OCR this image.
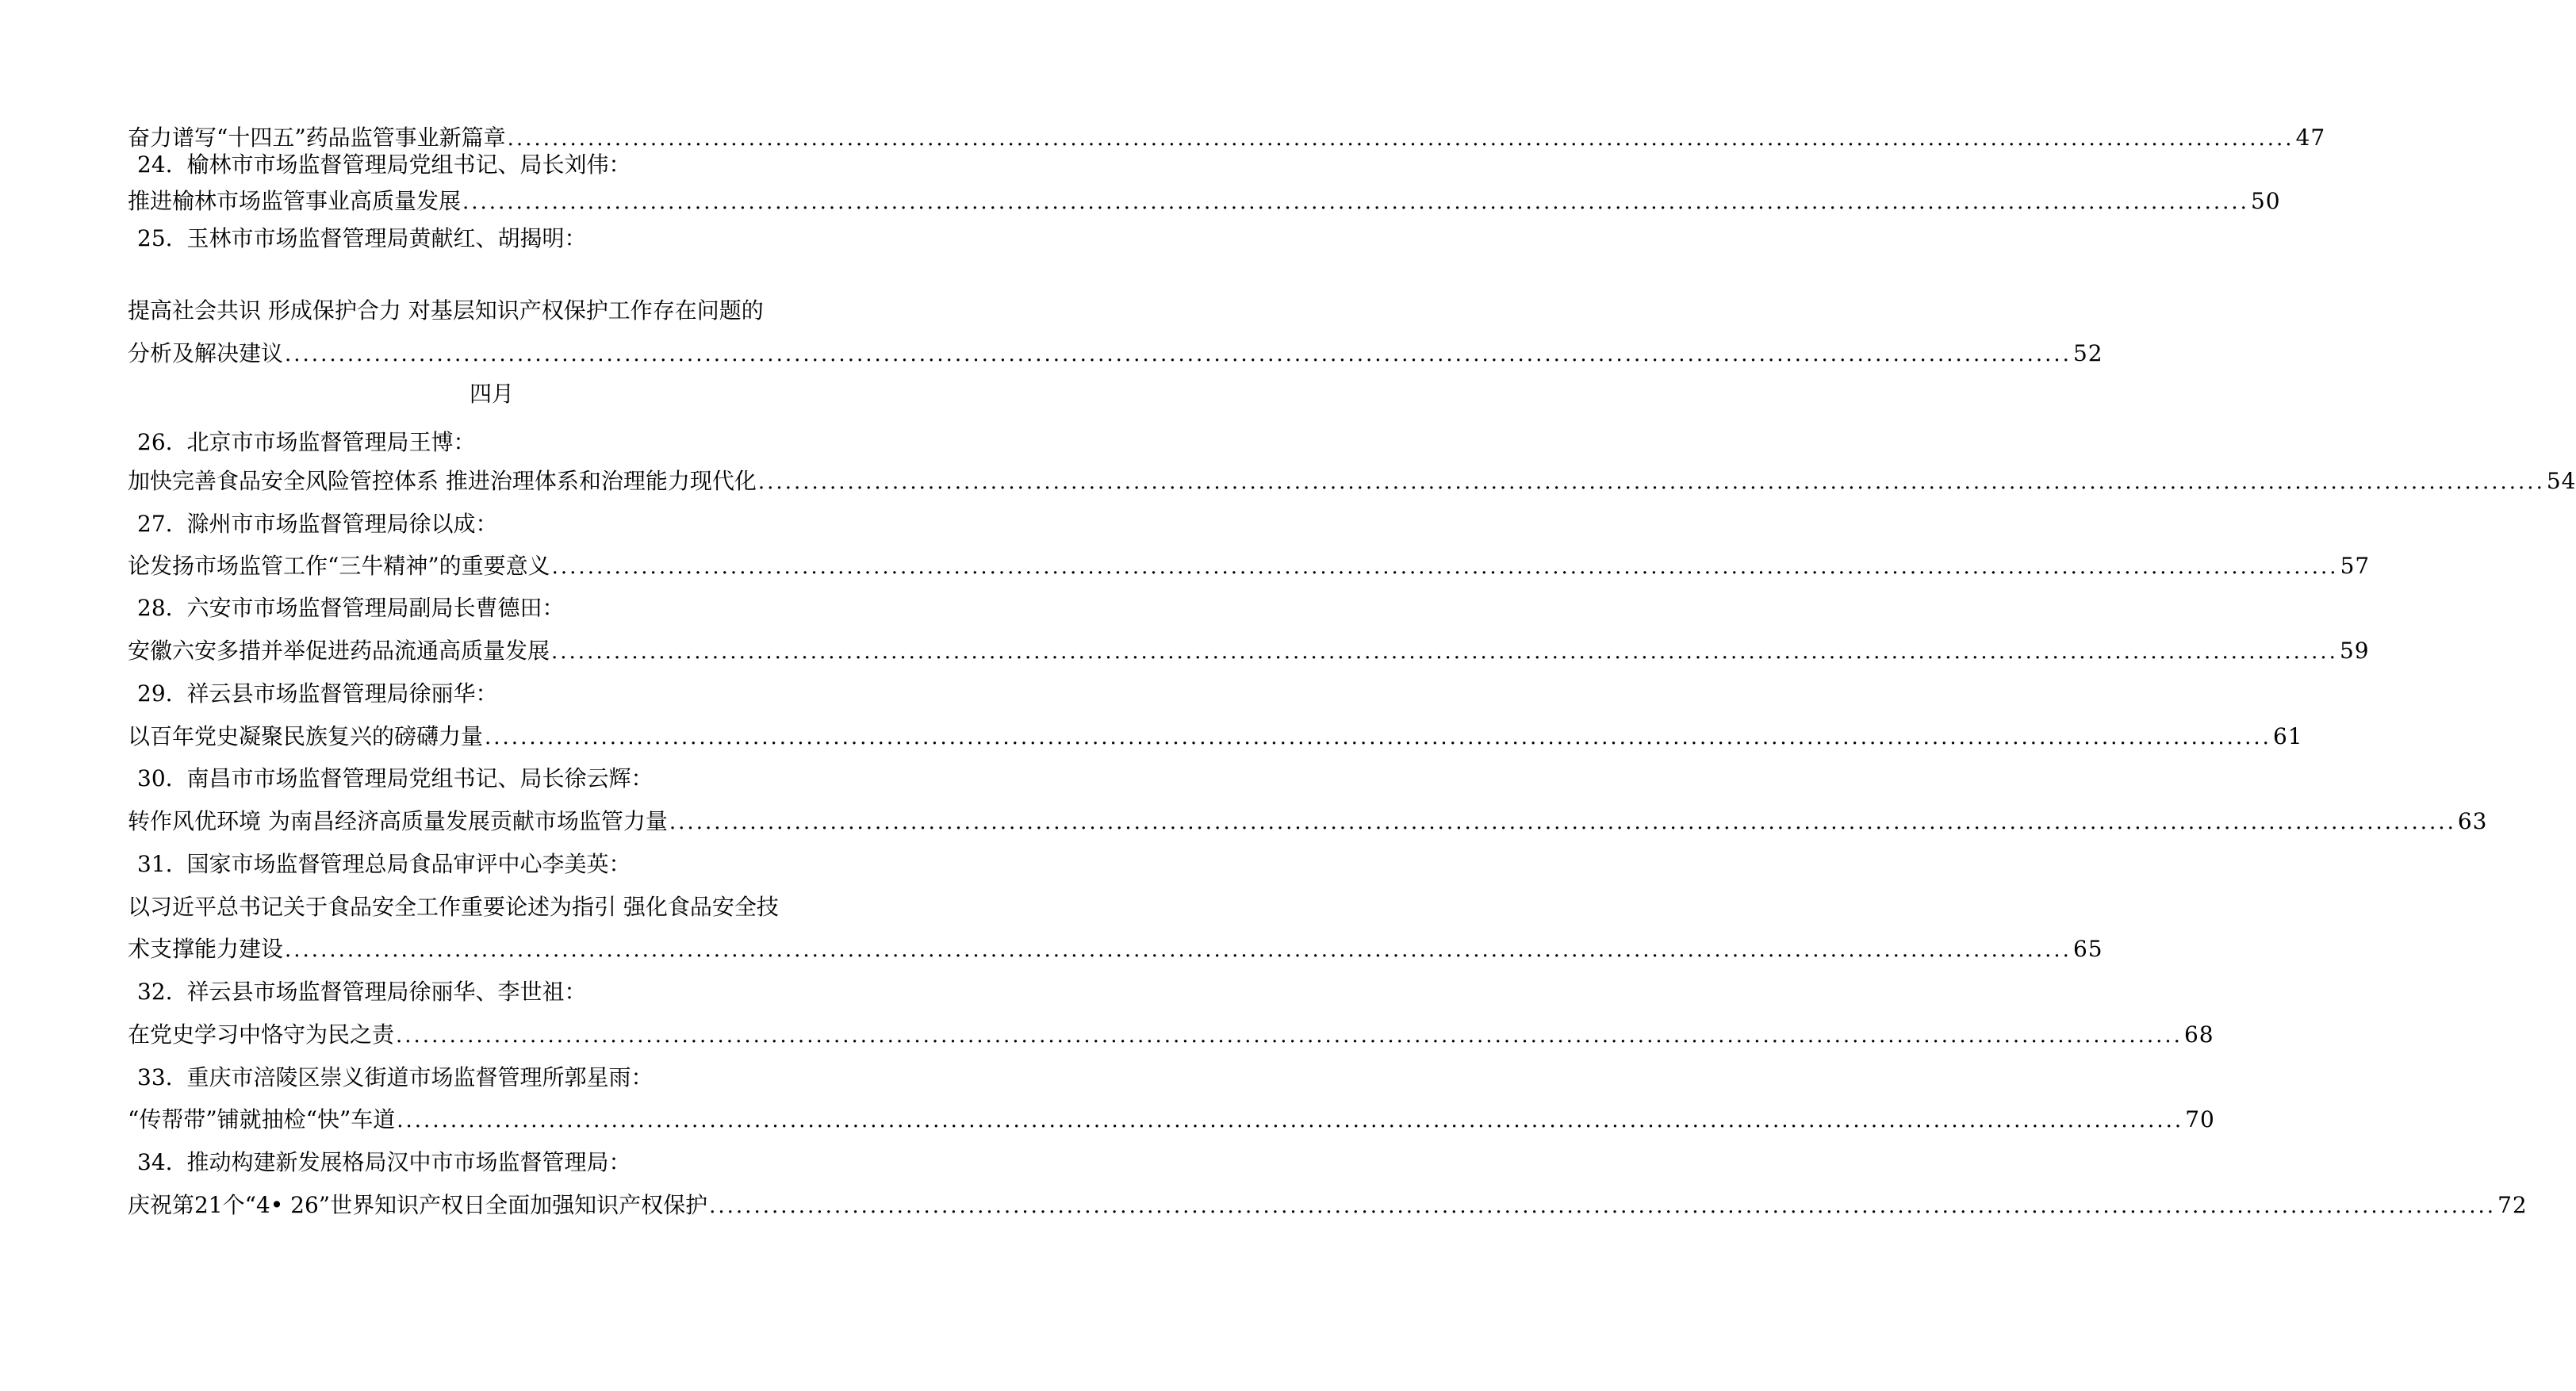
奋力谱写“十四五”药品监管事业新篇章 ........................................................................................................................................................................................................ 47
24. 榆林市市场监督管理局党组书记、局长刘伟：
推进榆林市场监管事业高质量发展 ........................................................................................................................................................................................................ 50
25. 玉林市市场监督管理局黄献红、胡揭明：
提高社会共识 形成保护合力 对基层知识产权保护工作存在问题的
分析及解决建议 ........................................................................................................................................................................................................ 52
四月
26. 北京市市场监督管理局王博：
加快完善食品安全风险管控体系 推进治理体系和治理能力现代化 ........................................................................................................................................................................................................ 54
27. 滁州市市场监督管理局徐以成：
论发扬市场监管工作“三牛精神”的重要意义 ........................................................................................................................................................................................................ 57
28. 六安市市场监督管理局副局长曹德田：
安徽六安多措并举促进药品流通高质量发展 ........................................................................................................................................................................................................ 59
29. 祥云县市场监督管理局徐丽华：
以百年党史凝聚民族复兴的磅礴力量 ........................................................................................................................................................................................................ 61
30. 南昌市市场监督管理局党组书记、局长徐云辉：
转作风优环境 为南昌经济高质量发展贡献市场监管力量 ........................................................................................................................................................................................................ 63
31. 国家市场监督管理总局食品审评中心李美英：
以习近平总书记关于食品安全工作重要论述为指引 强化食品安全技
术支撑能力建设 ........................................................................................................................................................................................................ 65
32. 祥云县市场监督管理局徐丽华、李世祖：
在党史学习中恪守为民之责 ........................................................................................................................................................................................................ 68
33. 重庆市涪陵区崇义街道市场监督管理所郭星雨：
“传帮带”铺就抽检“快”车道 ........................................................................................................................................................................................................ 70
34. 推动构建新发展格局汉中市市场监督管理局：
庆祝第21个“4• 26”世界知识产权日全面加强知识产权保护 ........................................................................................................................................................................................................ 72
